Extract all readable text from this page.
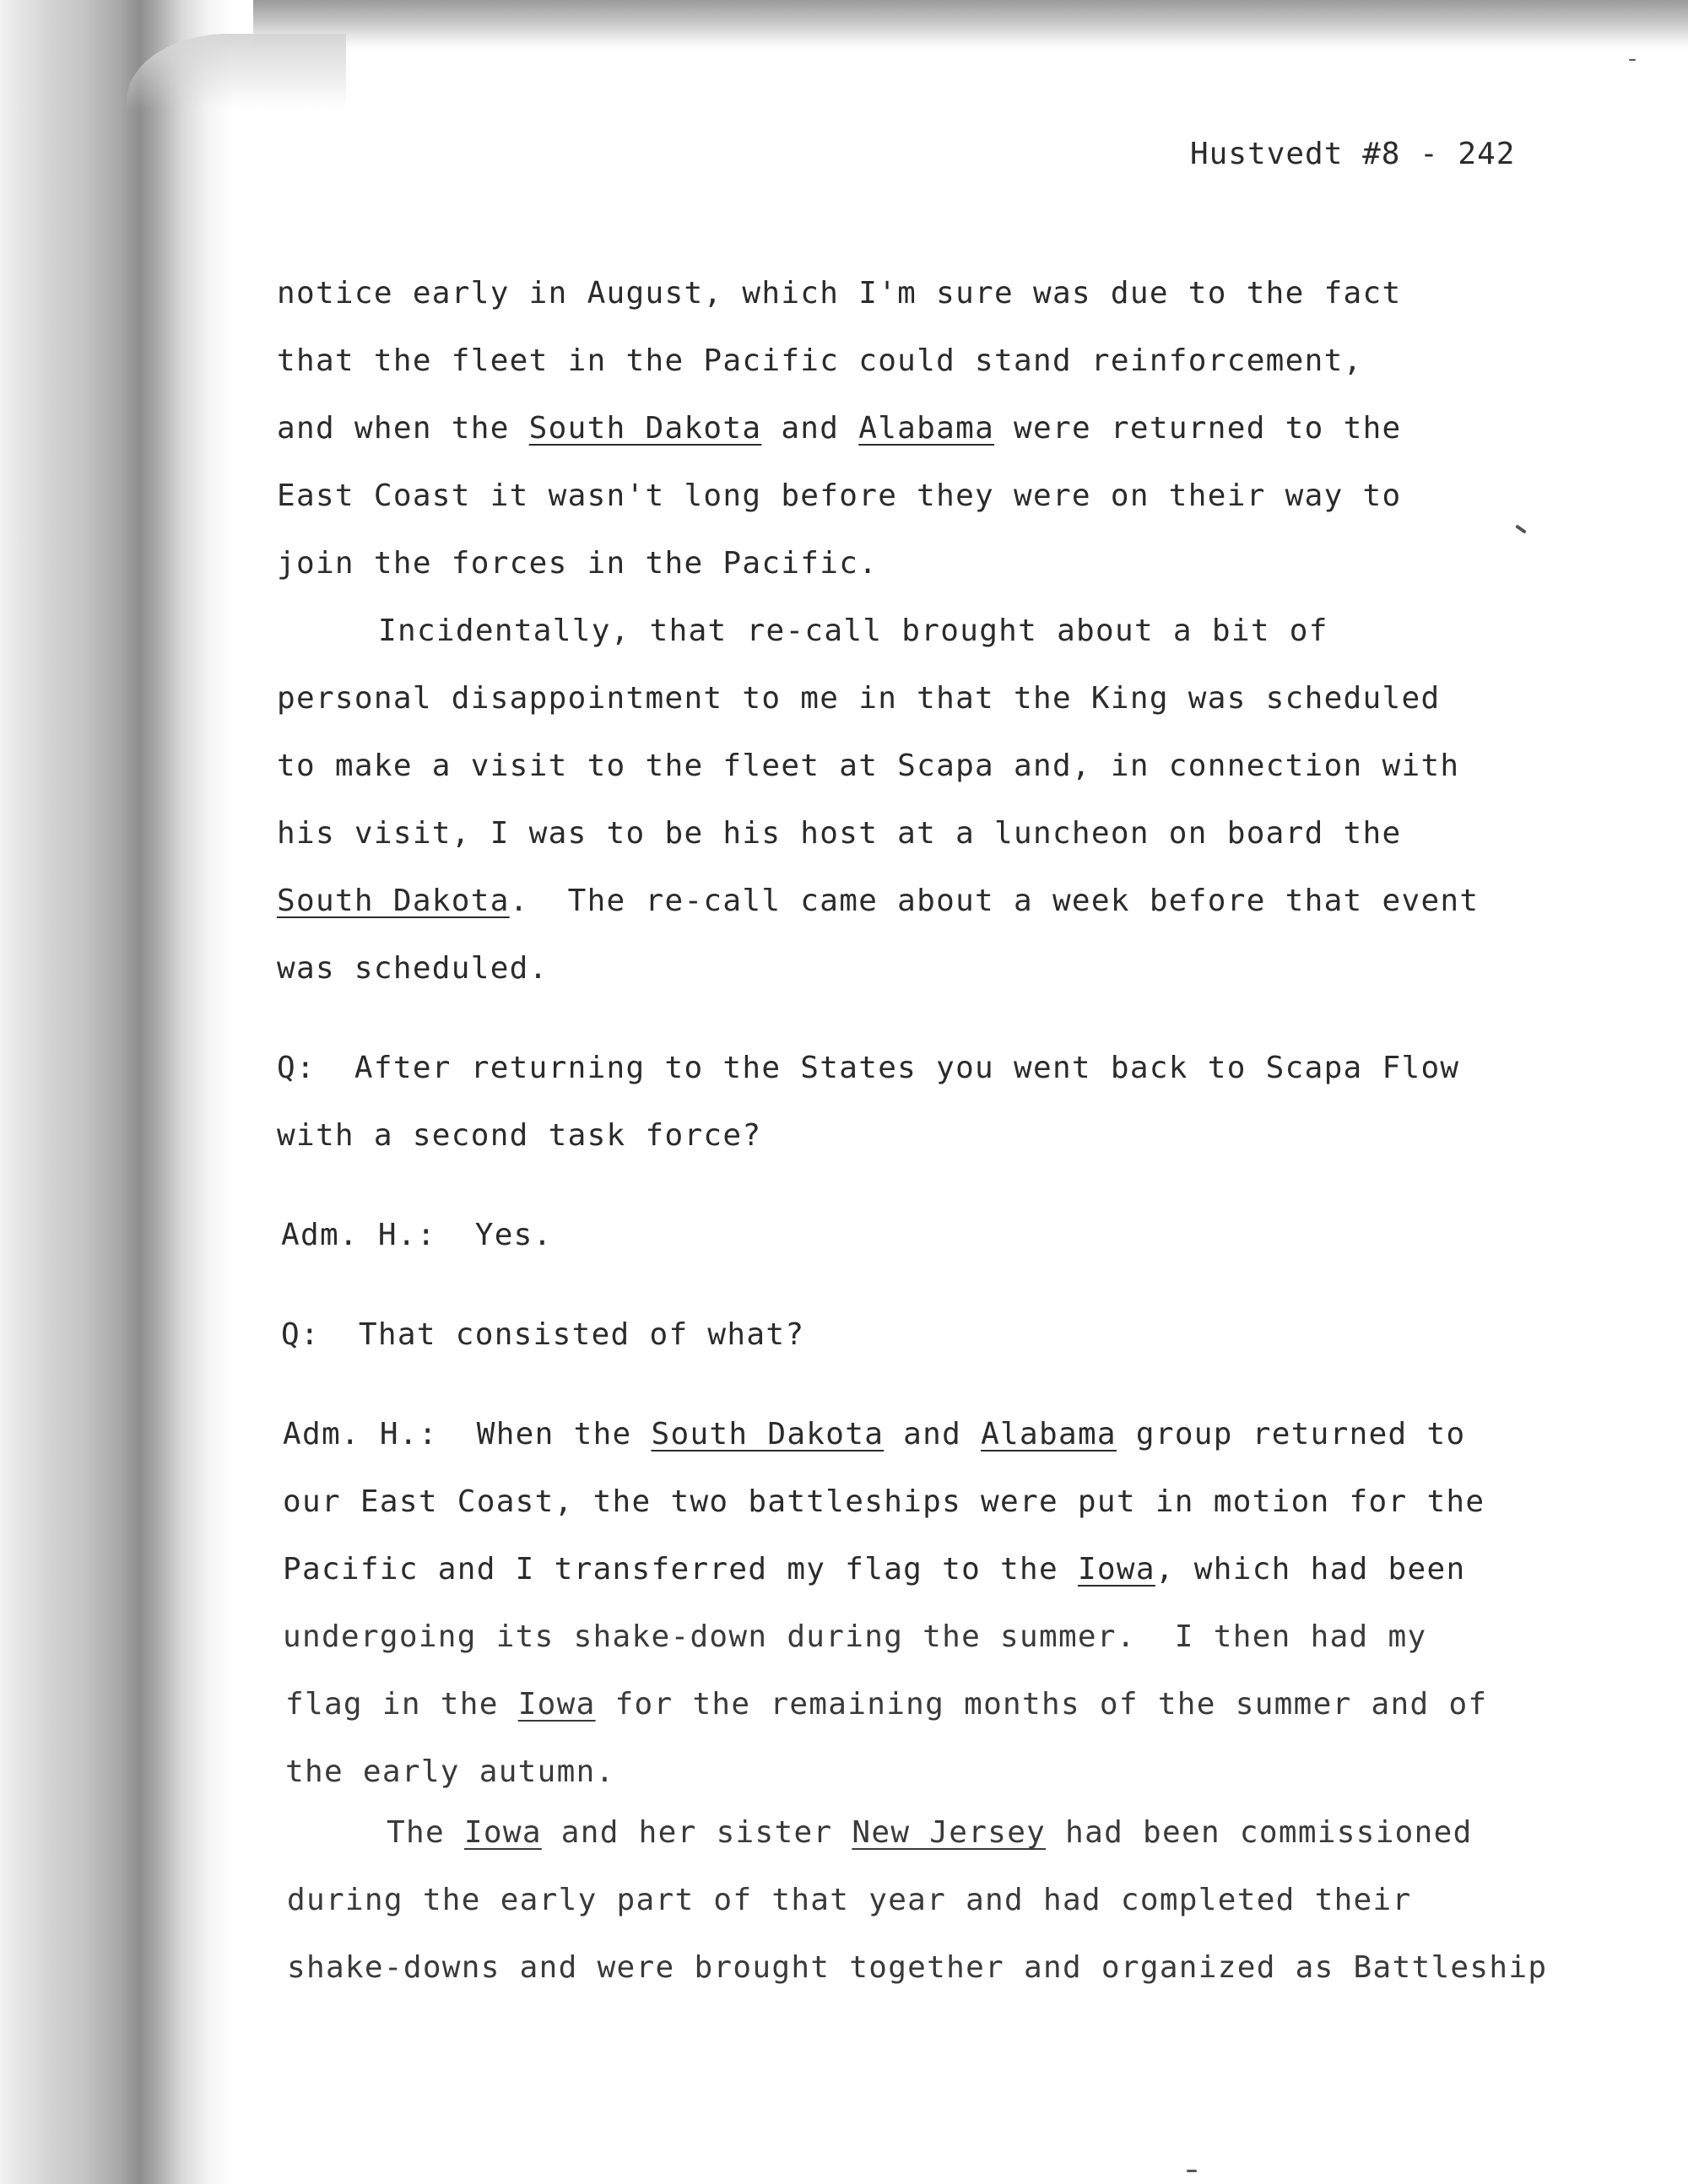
Hustvedt #8 - 242
notice early in August, which I'm sure was due to the fact
that the fleet in the Pacific could stand reinforcement,
and when the South Dakota and Alabama were returned to the
East Coast it wasn't long before they were on their way to
join the forces in the Pacific.
Incidentally, that re-call brought about a bit of
personal disappointment to me in that the King was scheduled
to make a visit to the fleet at Scapa and, in connection with
his visit, I was to be his host at a luncheon on board the
South Dakota.  The re-call came about a week before that event
was scheduled.
Q:  After returning to the States you went back to Scapa Flow
with a second task force?
Adm. H.:  Yes.
Q:  That consisted of what?
Adm. H.:  When the South Dakota and Alabama group returned to
our East Coast, the two battleships were put in motion for the
Pacific and I transferred my flag to the Iowa, which had been
undergoing its shake-down during the summer.  I then had my
flag in the Iowa for the remaining months of the summer and of
the early autumn.
The Iowa and her sister New Jersey had been commissioned
during the early part of that year and had completed their
shake-downs and were brought together and organized as Battleship
